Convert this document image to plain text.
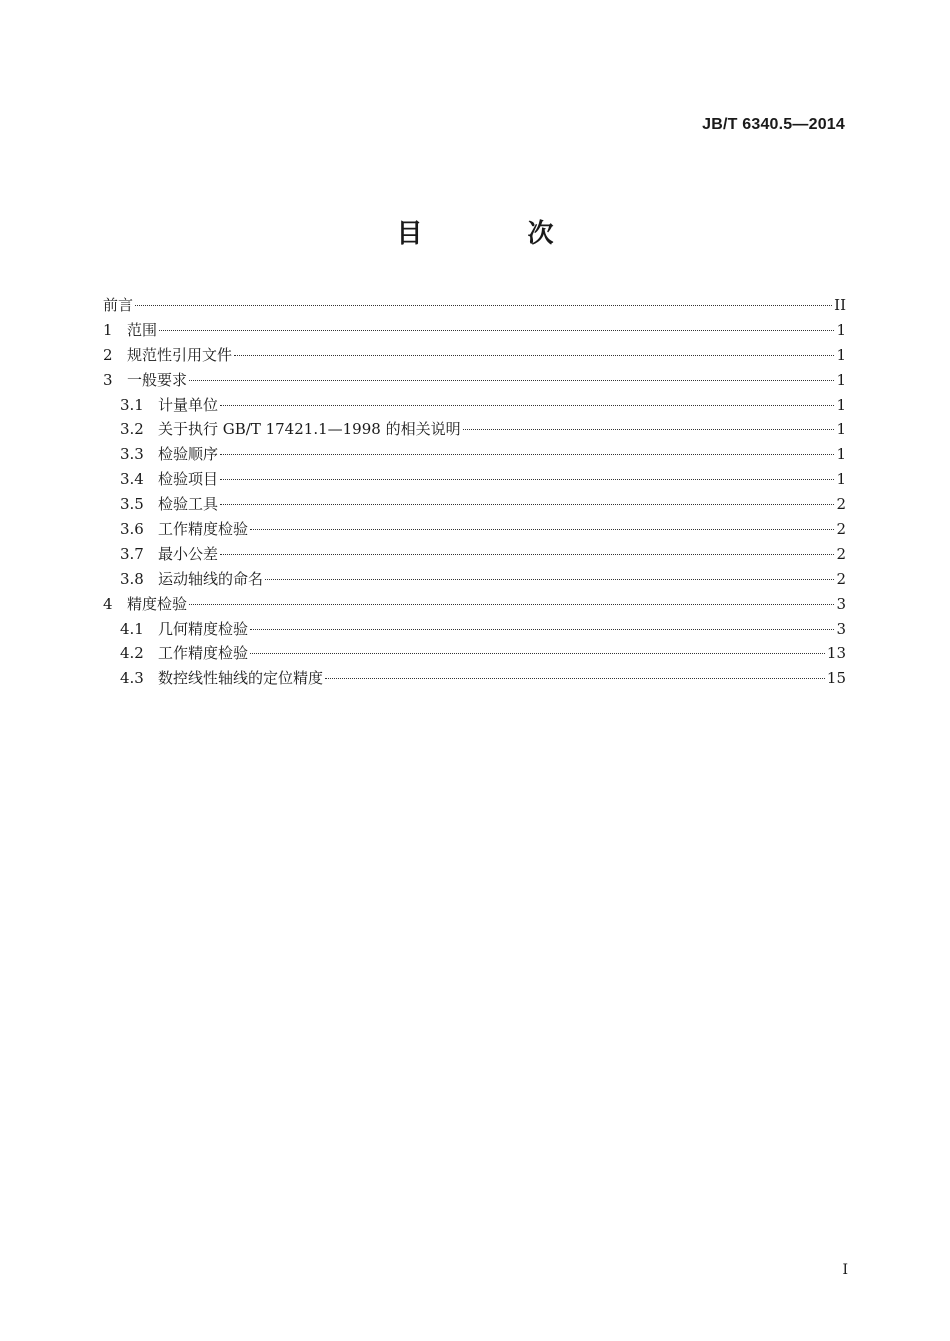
JB/T 6340.5—2014
目 次
前言	II
1 范围	1
2 规范性引用文件	1
3 一般要求	1
3.1 计量单位	1
3.2 关于执行 GB/T 17421.1—1998 的相关说明	1
3.3 检验顺序	1
3.4 检验项目	1
3.5 检验工具	2
3.6 工作精度检验	2
3.7 最小公差	2
3.8 运动轴线的命名	2
4 精度检验	3
4.1 几何精度检验	3
4.2 工作精度检验	13
4.3 数控线性轴线的定位精度	15
I
